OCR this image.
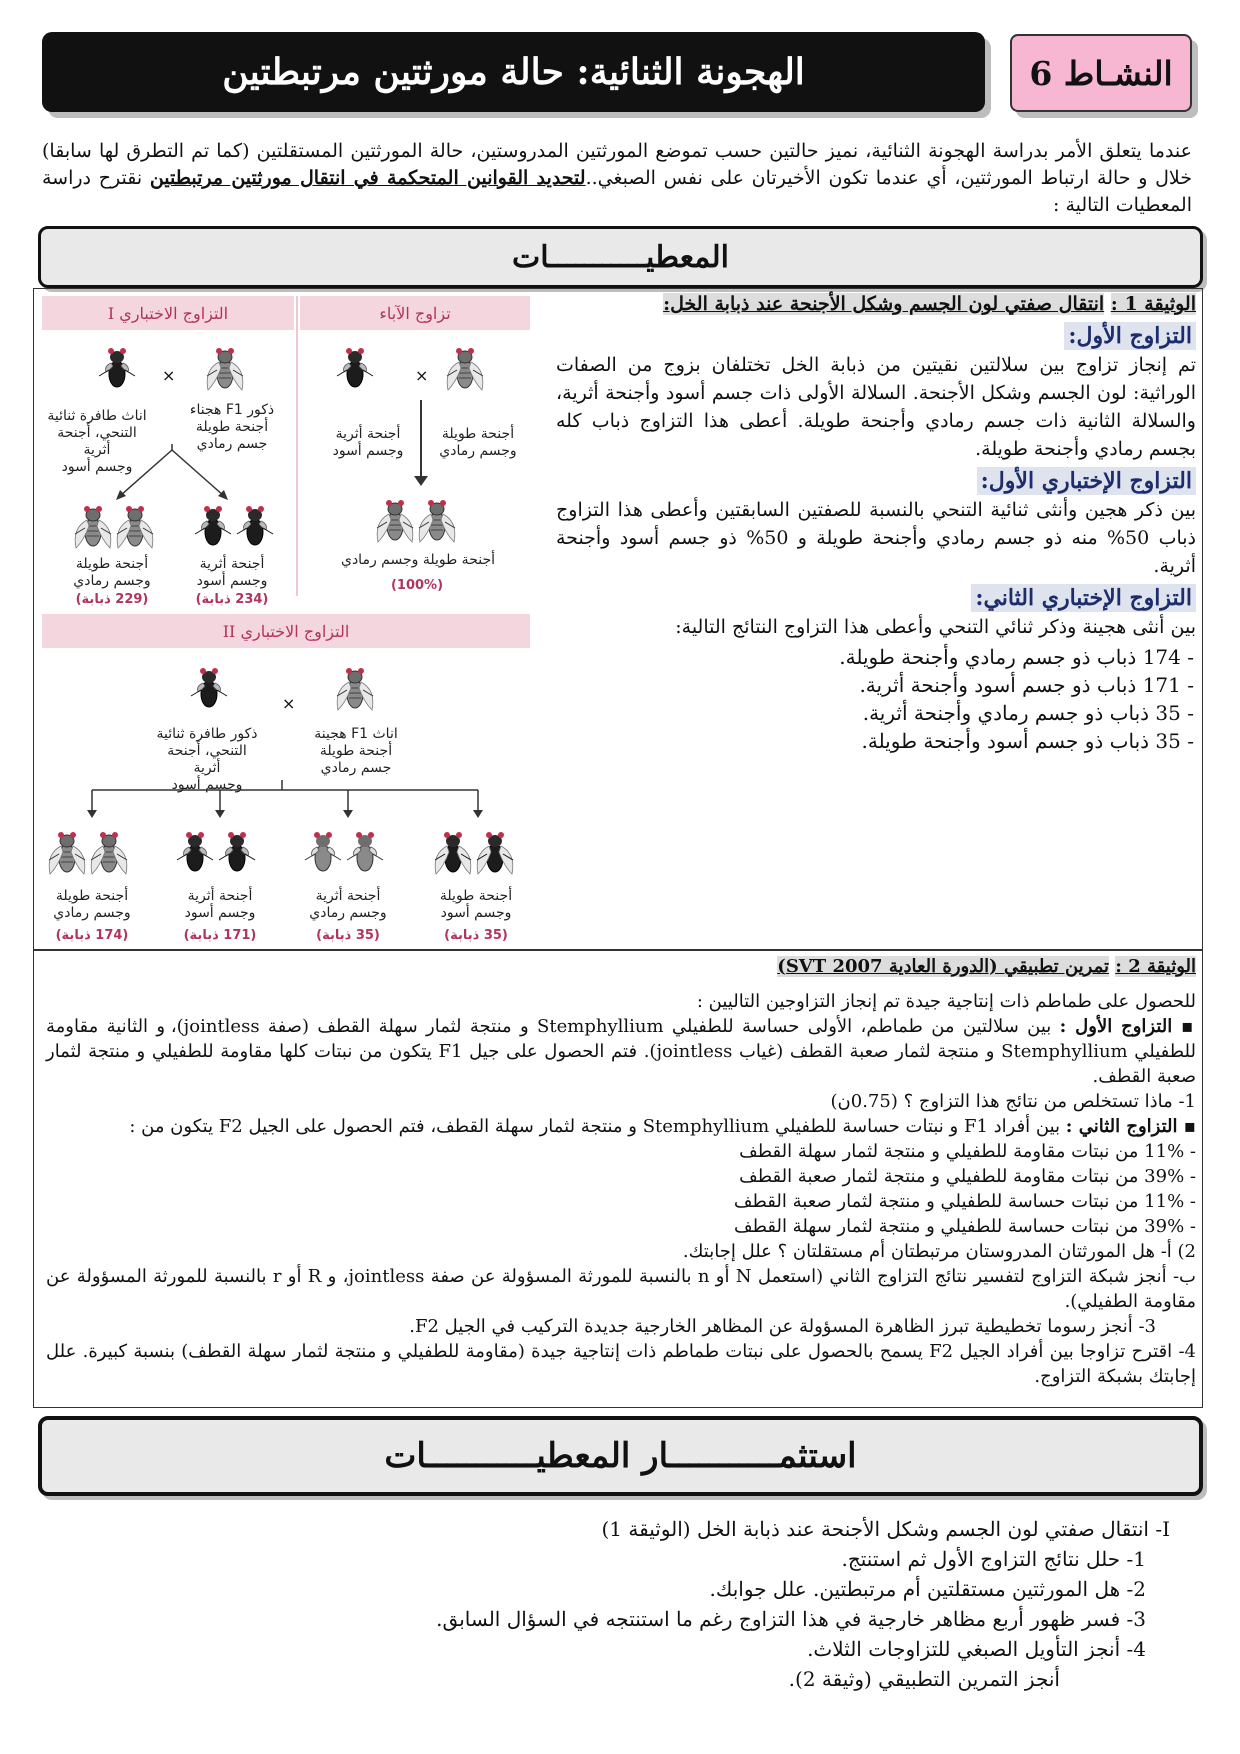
الهجونة الثنائية: حالة مورثتين مرتبطتين	النشـاط 6
عندما يتعلق الأمر بدراسة الهجونة الثنائية، نميز حالتين حسب تموضع المورثتين المدروستين، حالة المورثتين المستقلتين (كما تم التطرق لها سابقا) خلال و حالة ارتباط المورثتين، أي عندما تكون الأخيرتان على نفس الصبغي..لتحديد القوانين المتحكمة في انتقال مورثتين مرتبطتين نقترح دراسة المعطيات التالية :
المعطيـــــــــــات
الوثيقة 1 : انتقال صفتي لون الجسم وشكل الأجنحة عند ذبابة الخل:
التزاوج الأول:
تم إنجاز تزاوج بين سلالتين نقيتين من ذبابة الخل تختلفان بزوج من الصفات الوراثية: لون الجسم وشكل الأجنحة. السلالة الأولى ذات جسم أسود وأجنحة أثرية، والسلالة الثانية ذات جسم رمادي وأجنحة طويلة. أعطى هذا التزاوج ذباب كله بجسم رمادي وأجنحة طويلة.
التزاوج الإختباري الأول:
بين ذكر هجين وأنثى ثنائية التنحي بالنسبة للصفتين السابقتين وأعطى هذا التزاوج ذباب 50% منه ذو جسم رمادي وأجنحة طويلة و 50% ذو جسم أسود وأجنحة أثرية.
التزاوج الإختباري الثاني:
بين أنثى هجينة وذكر ثنائي التنحي وأعطى هذا التزاوج النتائج التالية:
- 174 ذباب ذو جسم رمادي وأجنحة طويلة.
- 171 ذباب ذو جسم أسود وأجنحة أثرية.
- 35 ذباب ذو جسم رمادي وأجنحة أثرية.
- 35 ذباب ذو جسم أسود وأجنحة طويلة.
تزاوج الآباء
التزاوج الاختباري I
×
أجنحة طويلة
وجسم رمادي
أجنحة أثرية
وجسم أسود
أجنحة طويلة وجسم رمادي
(100%)
×
ذكور F1 هجناء
أجنحة طويلة
جسم رمادي
اناث طافرة ثنائية
التنحي، أجنحة أثرية
وجسم أسود
أجنحة طويلة
وجسم رمادي
(229 ذبابة)
أجنحة أثرية
وجسم أسود
(234 ذبابة)
التزاوج الاختباري II
×
اناث F1 هجينة
أجنحة طويلة
جسم رمادي
ذكور طافرة ثنائية
التنحي، أجنحة أثرية
وجسم أسود
أجنحة طويلة
وجسم رمادي
(174 ذبابة)
أجنحة أثرية
وجسم أسود
(171 ذبابة)
أجنحة أثرية
وجسم رمادي
(35 ذبابة)
أجنحة طويلة
وجسم أسود
(35 ذبابة)
الوثيقة 2 : تمرين تطبيقي (الدورة العادية SVT 2007)

للحصول على طماطم ذات إنتاجية جيدة تم إنجاز التزاوجين التاليين :

▪ التزاوج الأول : بين سلالتين من طماطم، الأولى حساسة للطفيلي Stemphyllium و منتجة لثمار سهلة القطف (صفة jointless)، و الثانية مقاومة للطفيلي Stemphyllium و منتجة لثمار صعبة القطف (غياب jointless). فتم الحصول على جيل F1 يتكون من نبتات كلها مقاومة للطفيلي و منتجة لثمار صعبة القطف.

1- ماذا تستخلص من نتائج هذا التزاوج ؟ (0.75ن)

▪ التزاوج الثاني : بين أفراد F1 و نبتات حساسة للطفيلي Stemphyllium و منتجة لثمار سهلة القطف، فتم الحصول على الجيل F2 يتكون من :

- 11% من نبتات مقاومة للطفيلي و منتجة لثمار سهلة القطف

- 39% من نبتات مقاومة للطفيلي و منتجة لثمار صعبة القطف

- 11% من نبتات حساسة للطفيلي و منتجة لثمار صعبة القطف

- 39% من نبتات حساسة للطفيلي و منتجة لثمار سهلة القطف

2) أ- هل المورثتان المدروستان مرتبطتان أم مستقلتان ؟ علل إجابتك.

ب- أنجز شبكة التزاوج لتفسير نتائج التزاوج الثاني (استعمل N أو n بالنسبة للمورثة المسؤولة عن صفة jointless، و R أو r بالنسبة للمورثة المسؤولة عن مقاومة الطفيلي).

3- أنجز رسوما تخطيطية تبرز الظاهرة المسؤولة عن المظاهر الخارجية جديدة التركيب في الجيل F2.

4- اقترح تزاوجا بين أفراد الجيل F2 يسمح بالحصول على نبتات طماطم ذات إنتاجية جيدة (مقاومة للطفيلي و منتجة لثمار سهلة القطف) بنسبة كبيرة. علل إجابتك بشبكة التزاوج.

استثمـــــــــــار المعطيـــــــــــات
I- انتقال صفتي لون الجسم وشكل الأجنحة عند ذبابة الخل (الوثيقة 1)
1- حلل نتائج التزاوج الأول ثم استنتج.
2- هل المورثتين مستقلتين أم مرتبطتين. علل جوابك.
3- فسر ظهور أربع مظاهر خارجية في هذا التزاوج رغم ما استنتجه في السؤال السابق.
4- أنجز التأويل الصبغي للتزاوجات الثلاث.
أنجز التمرين التطبيقي (وثيقة 2).
